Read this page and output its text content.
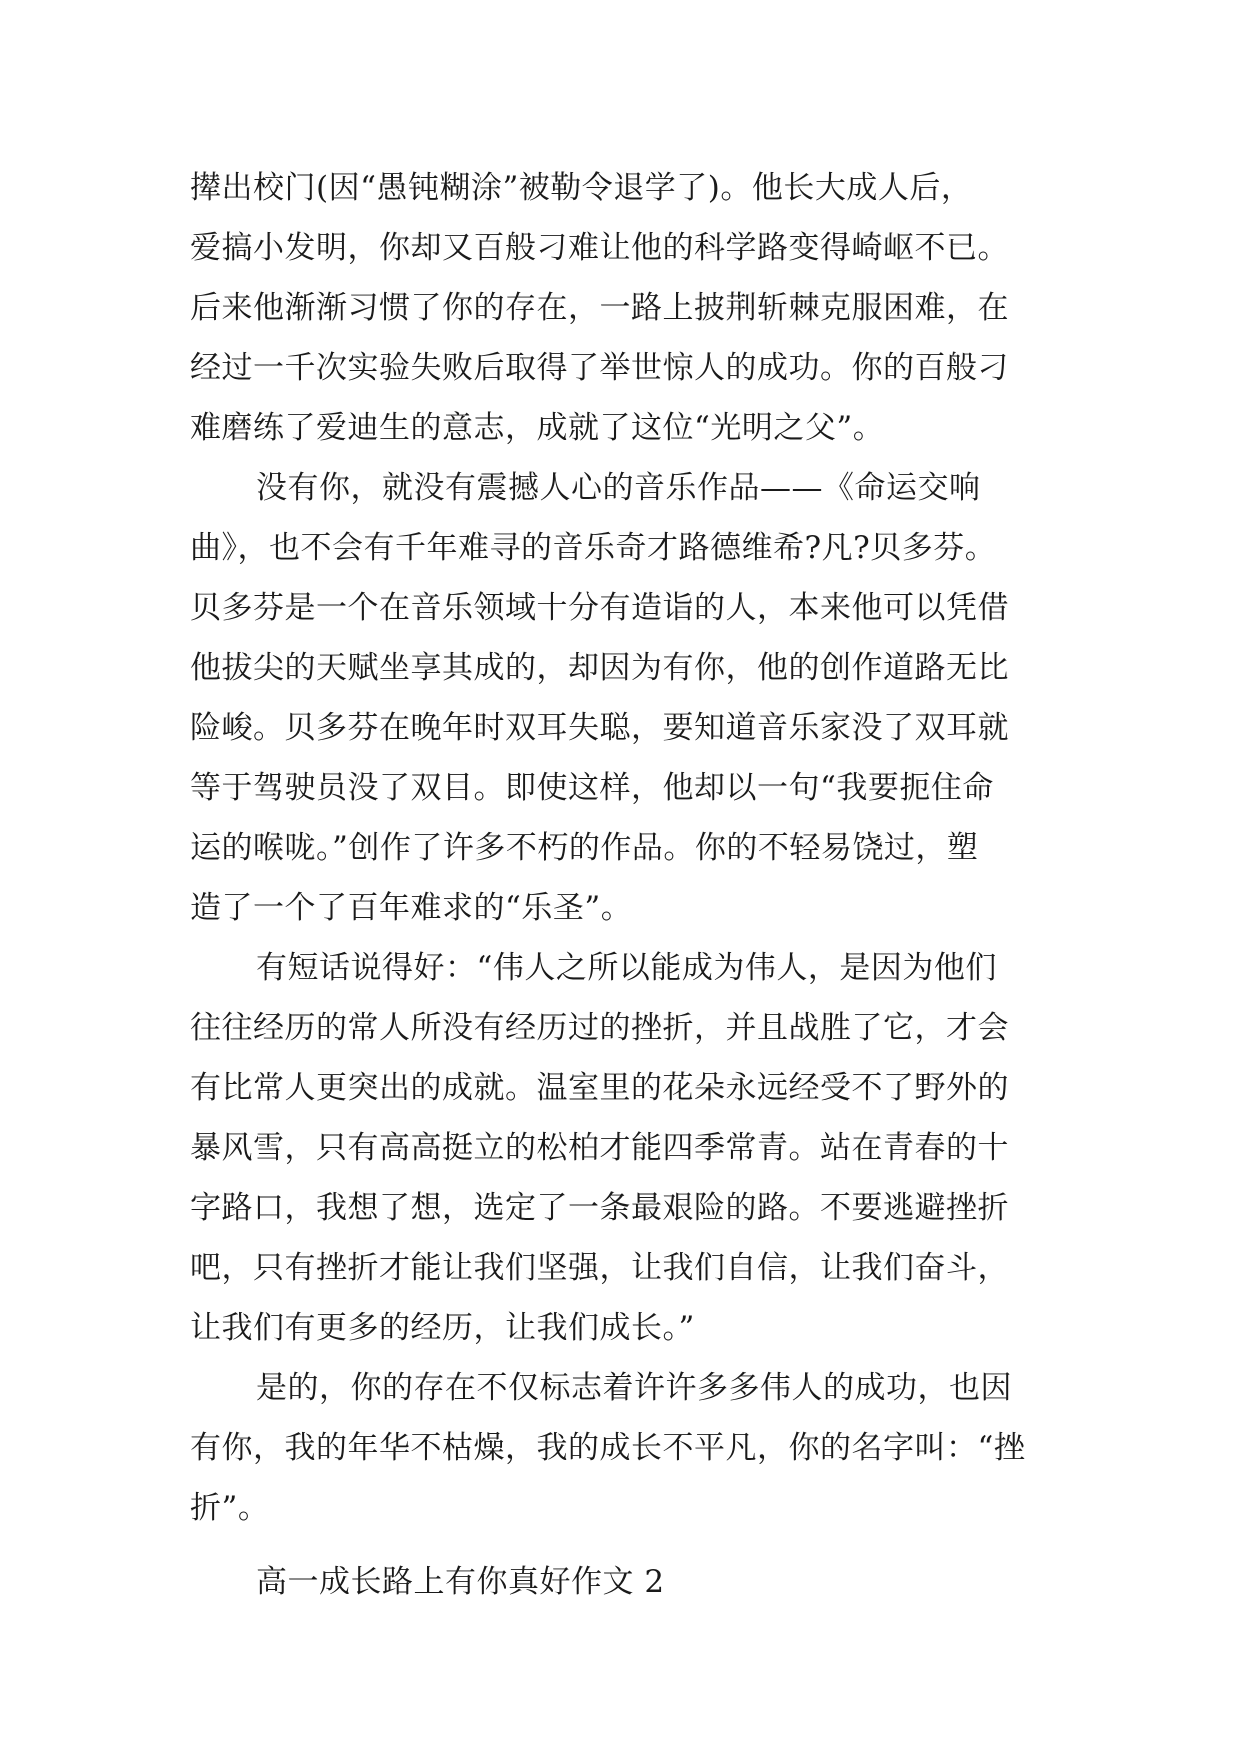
撵出校门(因“愚钝糊涂”被勒令退学了)。他长大成人后，
爱搞小发明，你却又百般刁难让他的科学路变得崎岖不已。
后来他渐渐习惯了你的存在，一路上披荆斩棘克服困难，在
经过一千次实验失败后取得了举世惊人的成功。你的百般刁
难磨练了爱迪生的意志，成就了这位“光明之父”。
没有你，就没有震撼人心的音乐作品——《命运交响
曲》，也不会有千年难寻的音乐奇才路德维希?凡?贝多芬。
贝多芬是一个在音乐领域十分有造诣的人，本来他可以凭借
他拔尖的天赋坐享其成的，却因为有你，他的创作道路无比
险峻。贝多芬在晚年时双耳失聪，要知道音乐家没了双耳就
等于驾驶员没了双目。即使这样，他却以一句“我要扼住命
运的喉咙。”创作了许多不朽的作品。你的不轻易饶过，塑
造了一个了百年难求的“乐圣”。
有短话说得好：“伟人之所以能成为伟人，是因为他们
往往经历的常人所没有经历过的挫折，并且战胜了它，才会
有比常人更突出的成就。温室里的花朵永远经受不了野外的
暴风雪，只有高高挺立的松柏才能四季常青。站在青春的十
字路口，我想了想，选定了一条最艰险的路。不要逃避挫折
吧，只有挫折才能让我们坚强，让我们自信，让我们奋斗，
让我们有更多的经历，让我们成长。”
是的，你的存在不仅标志着许许多多伟人的成功，也因
有你，我的年华不枯燥，我的成长不平凡，你的名字叫：“挫
折”。
高一成长路上有你真好作文 2
